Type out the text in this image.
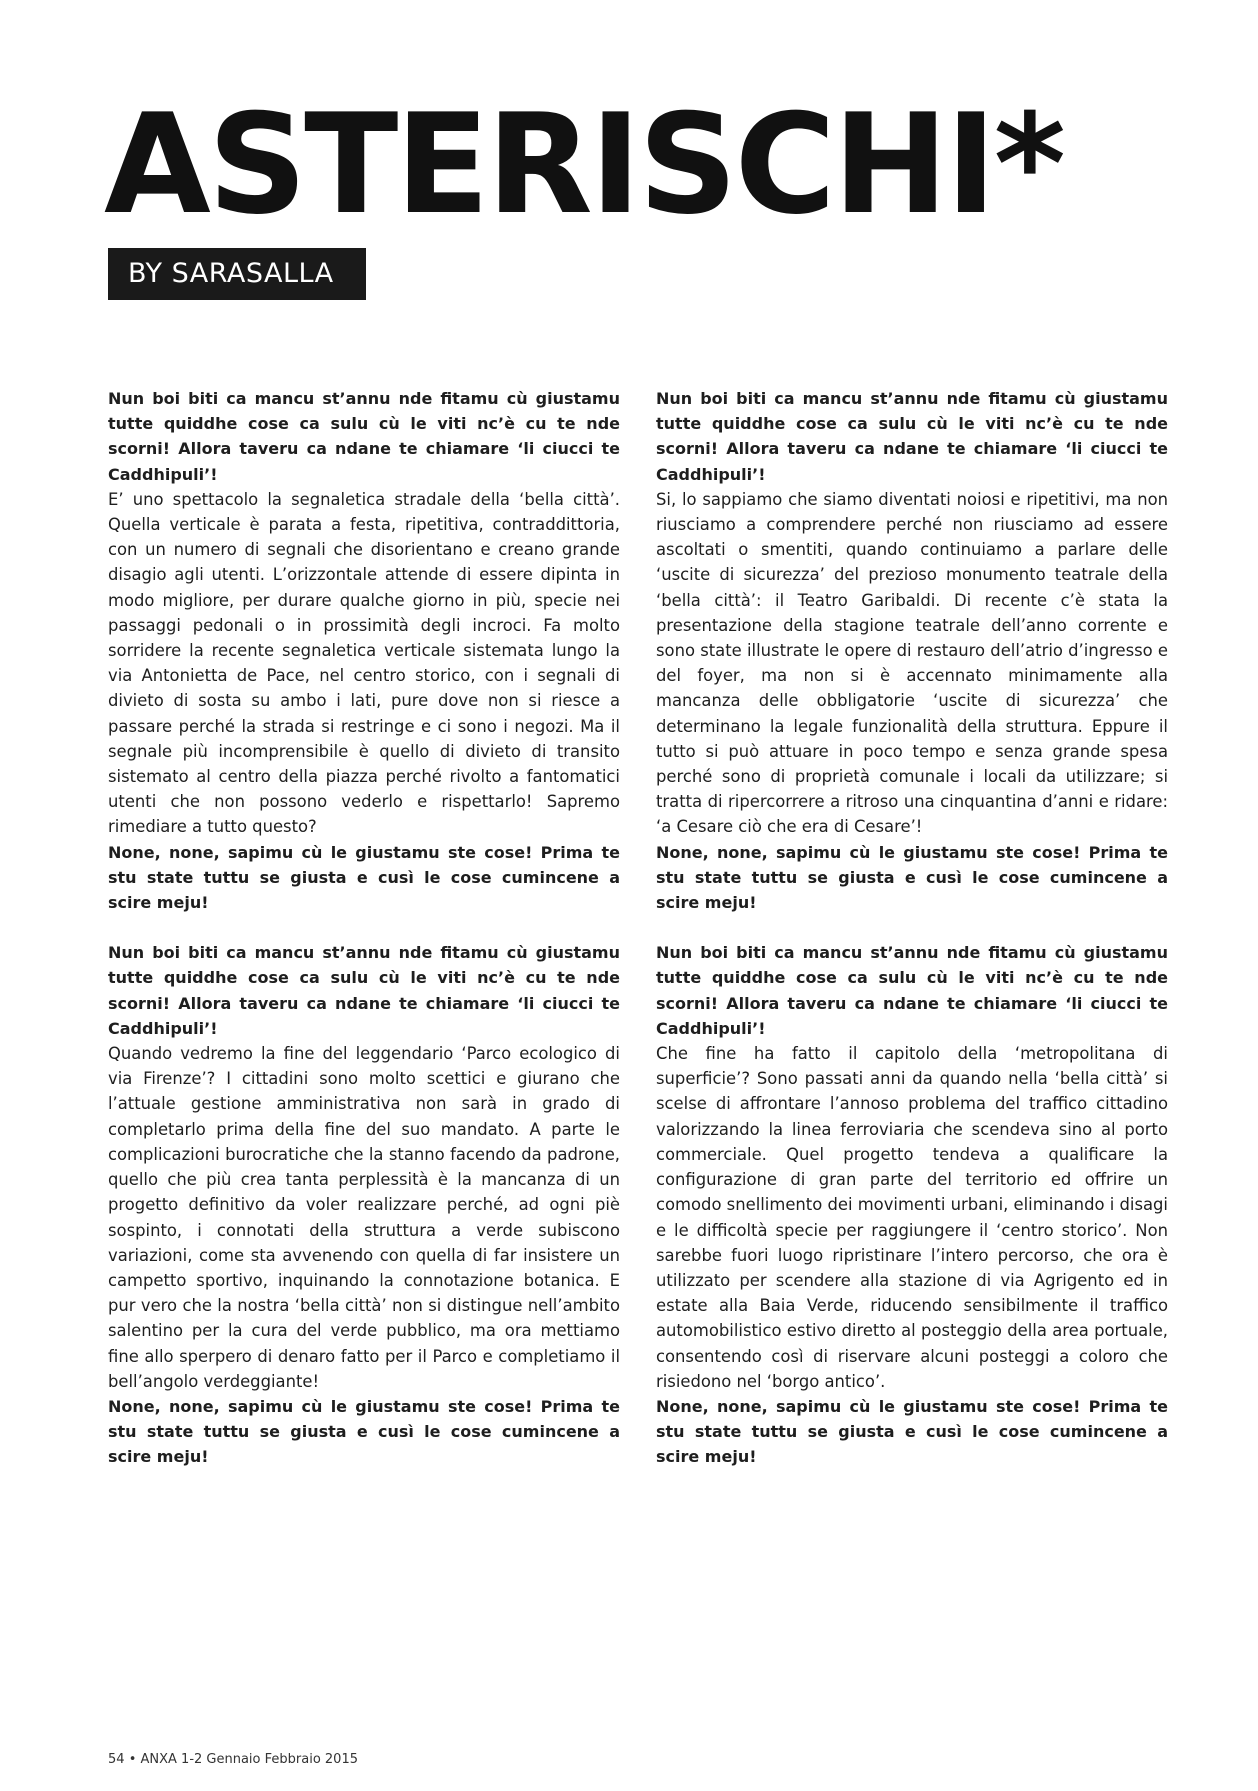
ASTERISCHI*
BY SARASALLA
Nun boi biti ca mancu st’annu nde fitamu cù giustamu tutte quiddhe cose ca sulu cù le viti nc’è cu te nde scorni! Allora taveru ca ndane te chiamare ‘li ciucci te Caddhipuli’!
E’ uno spettacolo la segnaletica stradale della ‘bella città’. Quella verticale è parata a festa, ripetitiva, contraddittoria, con un numero di segnali che disorientano e creano grande disagio agli utenti. L’orizzontale attende di essere dipinta in modo migliore, per durare qualche giorno in più, specie nei passaggi pedonali o in prossimità degli incroci. Fa molto sorridere la recente segnaletica verticale sistemata lungo la via Antonietta de Pace, nel centro storico, con i segnali di divieto di sosta su ambo i lati, pure dove non si riesce a passare perché la strada si restringe e ci sono i negozi. Ma il segnale più incomprensibile è quello di divieto di transito sistemato al centro della piazza perché rivolto a fantomatici utenti che non possono vederlo e rispettarlo! Sapremo rimediare a tutto questo?
None, none, sapimu cù le giustamu ste cose! Prima te stu state tuttu se giusta e cusì le cose cumincene a scire meju!
Nun boi biti ca mancu st’annu nde fitamu cù giustamu tutte quiddhe cose ca sulu cù le viti nc’è cu te nde scorni! Allora taveru ca ndane te chiamare ‘li ciucci te Caddhipuli’!
Quando vedremo la fine del leggendario ‘Parco ecologico di via Firenze’? I cittadini sono molto scettici e giurano che l’attuale gestione amministrativa non sarà in grado di completarlo prima della fine del suo mandato. A parte le complicazioni burocratiche che la stanno facendo da padrone, quello che più crea tanta perplessità è la mancanza di un progetto definitivo da voler realizzare perché, ad ogni piè sospinto, i connotati della struttura a verde subiscono variazioni, come sta avvenendo con quella di far insistere un campetto sportivo, inquinando la connotazione botanica. E pur vero che la nostra ‘bella città’ non si distingue nell’ambito salentino per la cura del verde pubblico, ma ora mettiamo fine allo sperpero di denaro fatto per il Parco e completiamo il bell’angolo verdeggiante!
None, none, sapimu cù le giustamu ste cose! Prima te stu state tuttu se giusta e cusì le cose cumincene a scire meju!
Nun boi biti ca mancu st’annu nde fitamu cù giustamu tutte quiddhe cose ca sulu cù le viti nc’è cu te nde scorni! Allora taveru ca ndane te chiamare ‘li ciucci te Caddhipuli’!
Si, lo sappiamo che siamo diventati noiosi e ripetitivi, ma non riusciamo a comprendere perché non riusciamo ad essere ascoltati o smentiti, quando continuiamo a parlare delle ‘uscite di sicurezza’ del prezioso monumento teatrale della ‘bella città’: il Teatro Garibaldi. Di recente c’è stata la presentazione della stagione teatrale dell’anno corrente e sono state illustrate le opere di restauro dell’atrio d’ingresso e del foyer, ma non si è accennato minimamente alla mancanza delle obbligatorie ‘uscite di sicurezza’ che determinano la legale funzionalità della struttura. Eppure il tutto si può attuare in poco tempo e senza grande spesa perché sono di proprietà comunale i locali da utilizzare; si tratta di ripercorrere a ritroso una cinquantina d’anni e ridare: ‘a Cesare ciò che era di Cesare’!
None, none, sapimu cù le giustamu ste cose! Prima te stu state tuttu se giusta e cusì le cose cumincene a scire meju!
Nun boi biti ca mancu st’annu nde fitamu cù giustamu tutte quiddhe cose ca sulu cù le viti nc’è cu te nde scorni! Allora taveru ca ndane te chiamare ‘li ciucci te Caddhipuli’!
Che fine ha fatto il capitolo della ‘metropolitana di superficie’? Sono passati anni da quando nella ‘bella città’ si scelse di affrontare l’annoso problema del traffico cittadino valorizzando la linea ferroviaria che scendeva sino al porto commerciale. Quel progetto tendeva a qualificare la configurazione di gran parte del territorio ed offrire un comodo snellimento dei movimenti urbani, eliminando i disagi e le difficoltà specie per raggiungere il ‘centro storico’. Non sarebbe fuori luogo ripristinare l’intero percorso, che ora è utilizzato per scendere alla stazione di via Agrigento ed in estate alla Baia Verde, riducendo sensibilmente il traffico automobilistico estivo diretto al posteggio della area portuale, consentendo così di riservare alcuni posteggi a coloro che risiedono nel ‘borgo antico’.
None, none, sapimu cù le giustamu ste cose! Prima te stu state tuttu se giusta e cusì le cose cumincene a scire meju!
54 • ANXA 1-2 Gennaio Febbraio 2015
